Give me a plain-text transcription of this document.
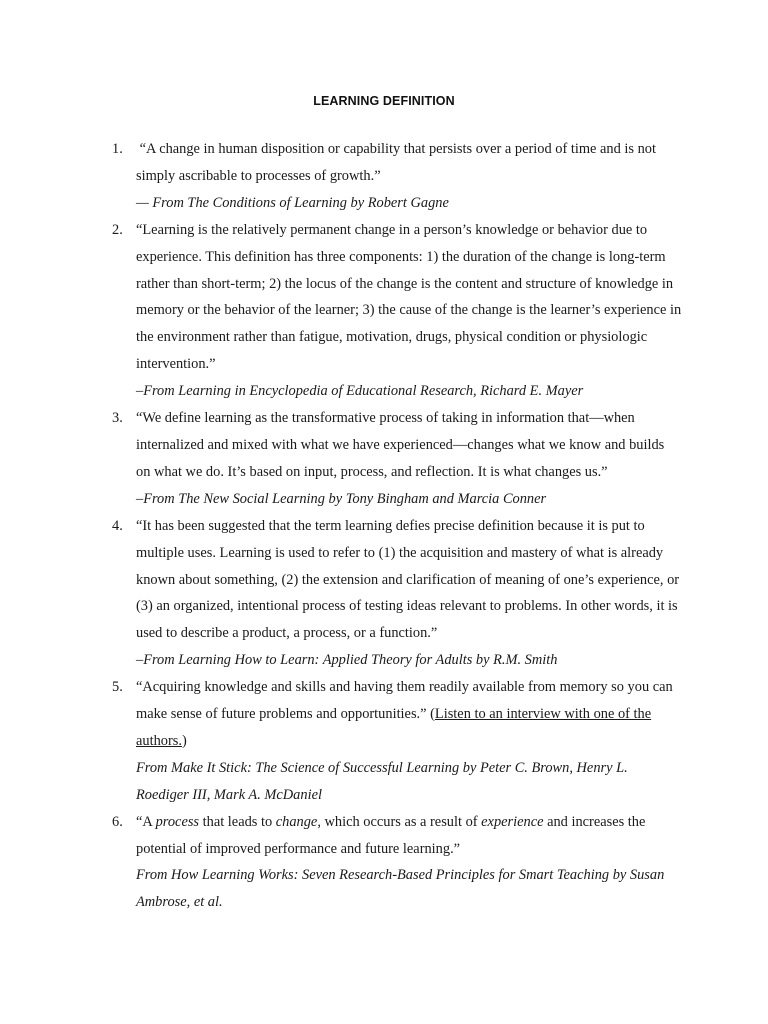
LEARNING DEFINITION
1. “A change in human disposition or capability that persists over a period of time and is not simply ascribable to processes of growth.”
— From The Conditions of Learning by Robert Gagne
2. “Learning is the relatively permanent change in a person’s knowledge or behavior due to experience. This definition has three components: 1) the duration of the change is long-term rather than short-term; 2) the locus of the change is the content and structure of knowledge in memory or the behavior of the learner; 3) the cause of the change is the learner’s experience in the environment rather than fatigue, motivation, drugs, physical condition or physiologic intervention.”
–From Learning in Encyclopedia of Educational Research, Richard E. Mayer
3. “We define learning as the transformative process of taking in information that—when internalized and mixed with what we have experienced—changes what we know and builds on what we do. It’s based on input, process, and reflection. It is what changes us.”
–From The New Social Learning by Tony Bingham and Marcia Conner
4. “It has been suggested that the term learning defies precise definition because it is put to multiple uses. Learning is used to refer to (1) the acquisition and mastery of what is already known about something, (2) the extension and clarification of meaning of one’s experience, or (3) an organized, intentional process of testing ideas relevant to problems. In other words, it is used to describe a product, a process, or a function.”
–From Learning How to Learn: Applied Theory for Adults by R.M. Smith
5. “Acquiring knowledge and skills and having them readily available from memory so you can make sense of future problems and opportunities.” (Listen to an interview with one of the authors.)
From Make It Stick: The Science of Successful Learning by Peter C. Brown, Henry L. Roediger III, Mark A. McDaniel
6. “A process that leads to change, which occurs as a result of experience and increases the potential of improved performance and future learning.”
From How Learning Works: Seven Research-Based Principles for Smart Teaching by Susan Ambrose, et al.
